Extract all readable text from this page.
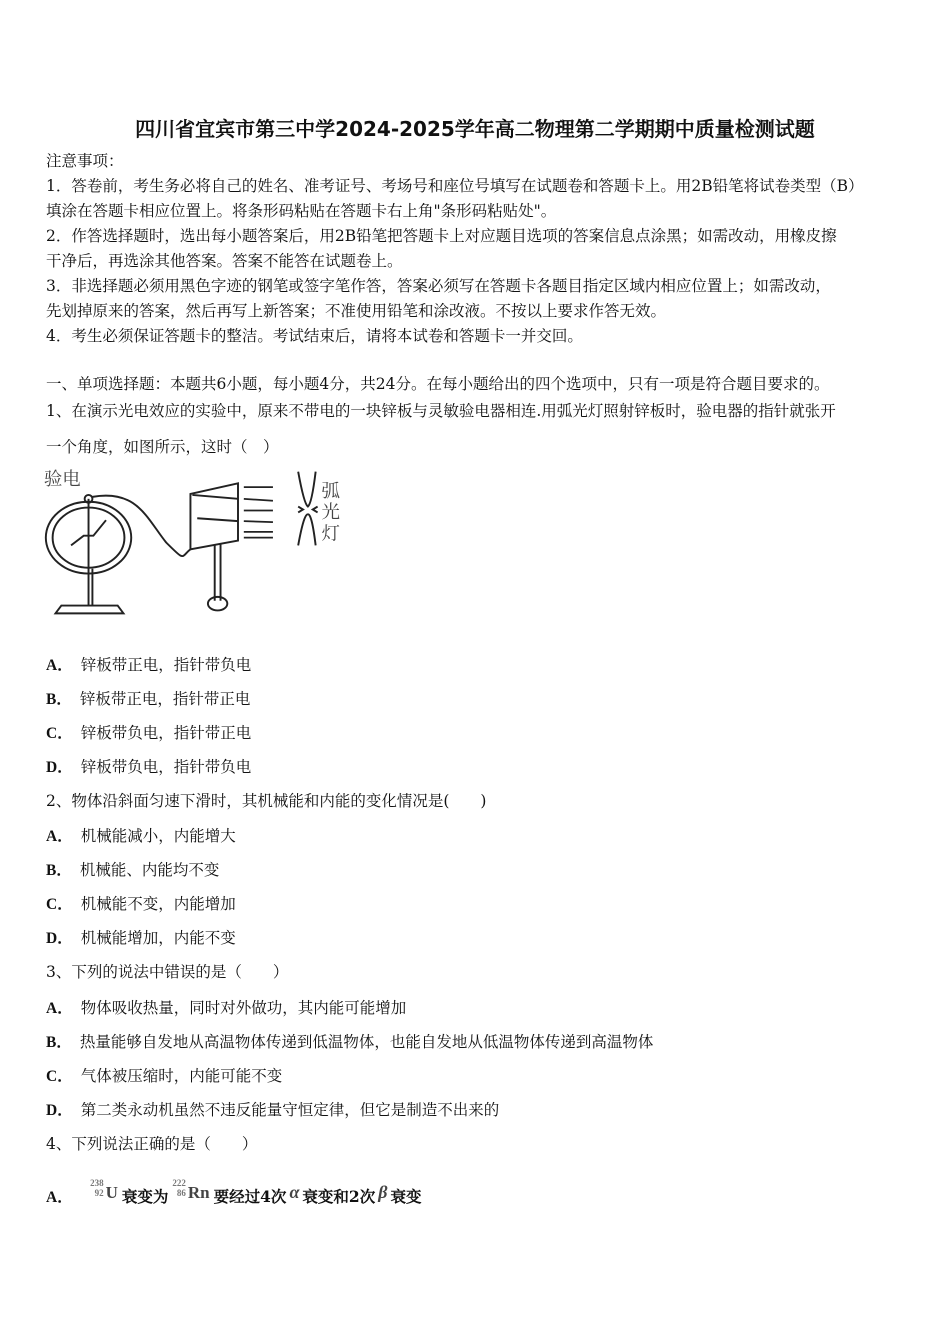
四川省宜宾市第三中学2024-2025学年高二物理第二学期期中质量检测试题
注意事项：
1．答卷前，考生务必将自己的姓名、准考证号、考场号和座位号填写在试题卷和答题卡上。用2B铅笔将试卷类型（B）
填涂在答题卡相应位置上。将条形码粘贴在答题卡右上角"条形码粘贴处"。
2．作答选择题时，选出每小题答案后，用2B铅笔把答题卡上对应题目选项的答案信息点涂黑；如需改动，用橡皮擦
干净后，再选涂其他答案。答案不能答在试题卷上。
3．非选择题必须用黑色字迹的钢笔或签字笔作答，答案必须写在答题卡各题目指定区域内相应位置上；如需改动，
先划掉原来的答案，然后再写上新答案；不准使用铅笔和涂改液。不按以上要求作答无效。
4．考生必须保证答题卡的整洁。考试结束后，请将本试卷和答题卡一并交回。
一、单项选择题：本题共6小题，每小题4分，共24分。在每小题给出的四个选项中，只有一项是符合题目要求的。
1、在演示光电效应的实验中，原来不带电的一块锌板与灵敏验电器相连.用弧光灯照射锌板时，验电器的指针就张开
一个角度，如图所示，这时（　）
验电
弧
光
灯
A． 锌板带正电，指针带负电
B． 锌板带正电，指针带正电
C． 锌板带负电，指针带正电
D． 锌板带负电，指针带负电
2、物体沿斜面匀速下滑时，其机械能和内能的变化情况是(　　)
A． 机械能减小，内能增大
B． 机械能、内能均不变
C． 机械能不变，内能增加
D． 机械能增加，内能不变
3、下列的说法中错误的是（　　）
A． 物体吸收热量，同时对外做功，其内能可能增加
B． 热量能够自发地从高温物体传递到低温物体，也能自发地从低温物体传递到高温物体
C． 气体被压缩时，内能可能不变
D． 第二类永动机虽然不违反能量守恒定律，但它是制造不出来的
4、下列说法正确的是（　　）
A． 238
92 U 衰变为222
86 Rn 要经过4次 α 衰变和2次 β 衰变
